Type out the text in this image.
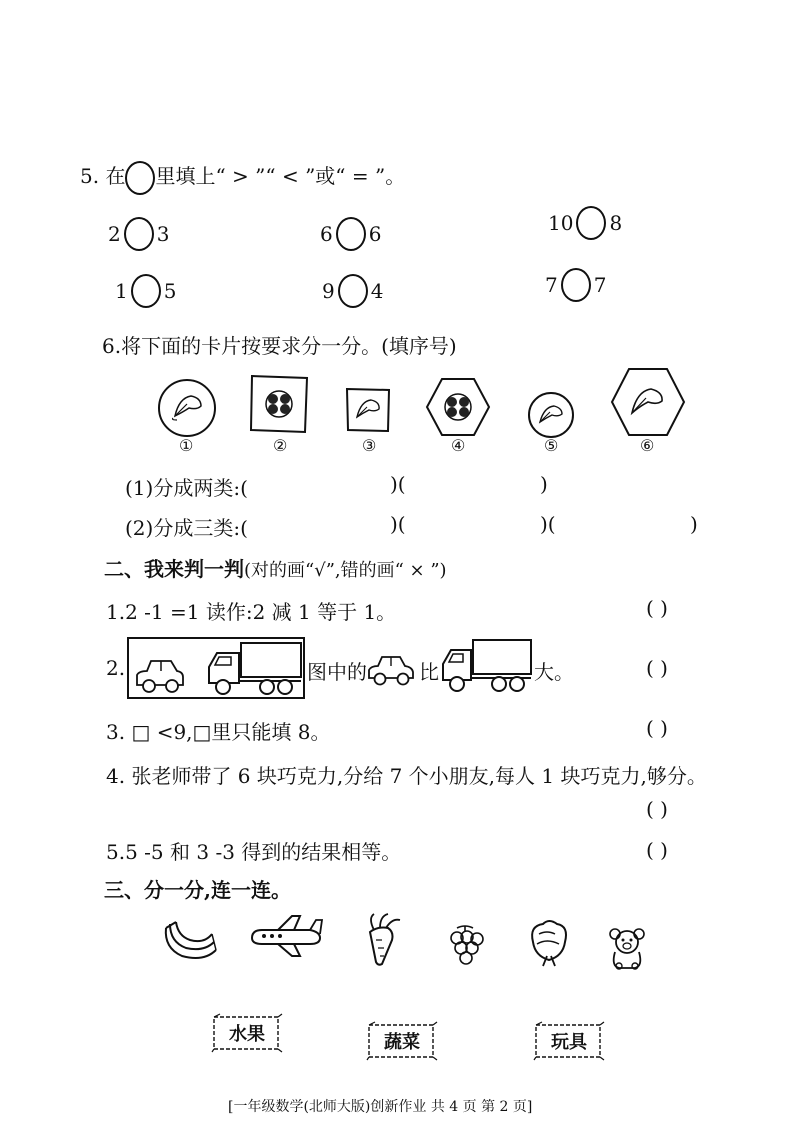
5. 在 里填上“ > ”“ < ”或“ = ”。
2 3	6 6	10 8
1 5	9 4	7 7
6.将下面的卡片按要求分一分。(填序号)
①	②	③	④	⑤	⑥
(1)分成两类:(	)(	)
(2)分成三类:(	)(	)(	)
二、我来判一判(对的画“√”,错的画“ × ”)
1.2 -1 =1 读作:2 减 1 等于 1。	( )
2.	图中的	比	大。	( )
3. □ <9,□里只能填 8。	( )
4. 张老师带了 6 块巧克力,分给 7 个小朋友,每人 1 块巧克力,够分。
( )
5.5 -5 和 3 -3 得到的结果相等。	( )
三、分一分,连一连。
水果	蔬菜	玩具
[一年级数学(北师大版)创新作业 共 4 页 第 2 页]
